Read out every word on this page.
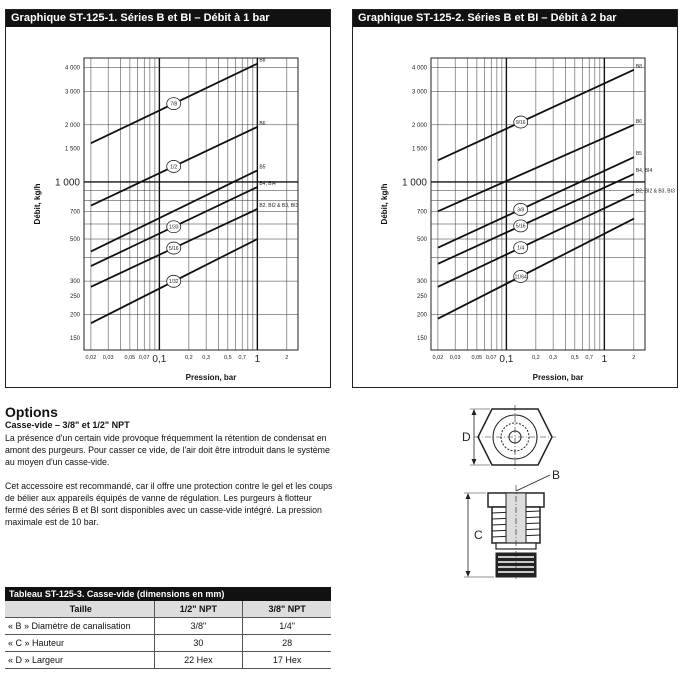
Graphique ST-125-1. Séries B et BI – Débit à 1 bar
150
200
250
300
500
700
1 000
1 500
2 000
3 000
4 000
0,02 0,03 0,05 0,07 0,1	0,2 0,3	0,5 0,7 1	2
Débit, kg/h
Pression, bar
B8
7/8
B6
1/2	B5
B4, BI4
1/33
B2, BI2 & B3, BI3
5/16
1/32
Graphique ST-125-2. Séries B et BI – Débit à 2 bar
150
200
250
300
500
700
1 000
1 500
2 000
3 000
4 000
0,02 0,03 0,05 0,07 0,1	0,2 0,3	0,5 0,7 1	2
Débit, kg/h
Pression, bar
B8
9/16	B6
B5
3/8
B4, BI4
5/16
B2, BI2 & B3, BI3
1/4
11/64
Options
Casse-vide – 3/8" et 1/2" NPT
La présence d'un certain vide provoque fréquemment la rétention de condensat en amont des purgeurs. Pour casser ce vide, de l'air doit être introduit dans le système au moyen d'un casse-vide.
Cet accessoire est recommandé, car il offre une protection contre le gel et les coups de bélier aux appareils équipés de vanne de régulation. Les purgeurs à flotteur fermé des séries B et BI sont disponibles avec un casse-vide intégré. La pression maximale est de 10 bar.
Tableau ST-125-3. Casse-vide (dimensions en mm)
Taille	1/2" NPT	3/8" NPT
« B » Diamètre de canalisation	3/8"	1/4"
« C » Hauteur	30	28
« D » Largeur	22 Hex	17 Hex
D
B
C
